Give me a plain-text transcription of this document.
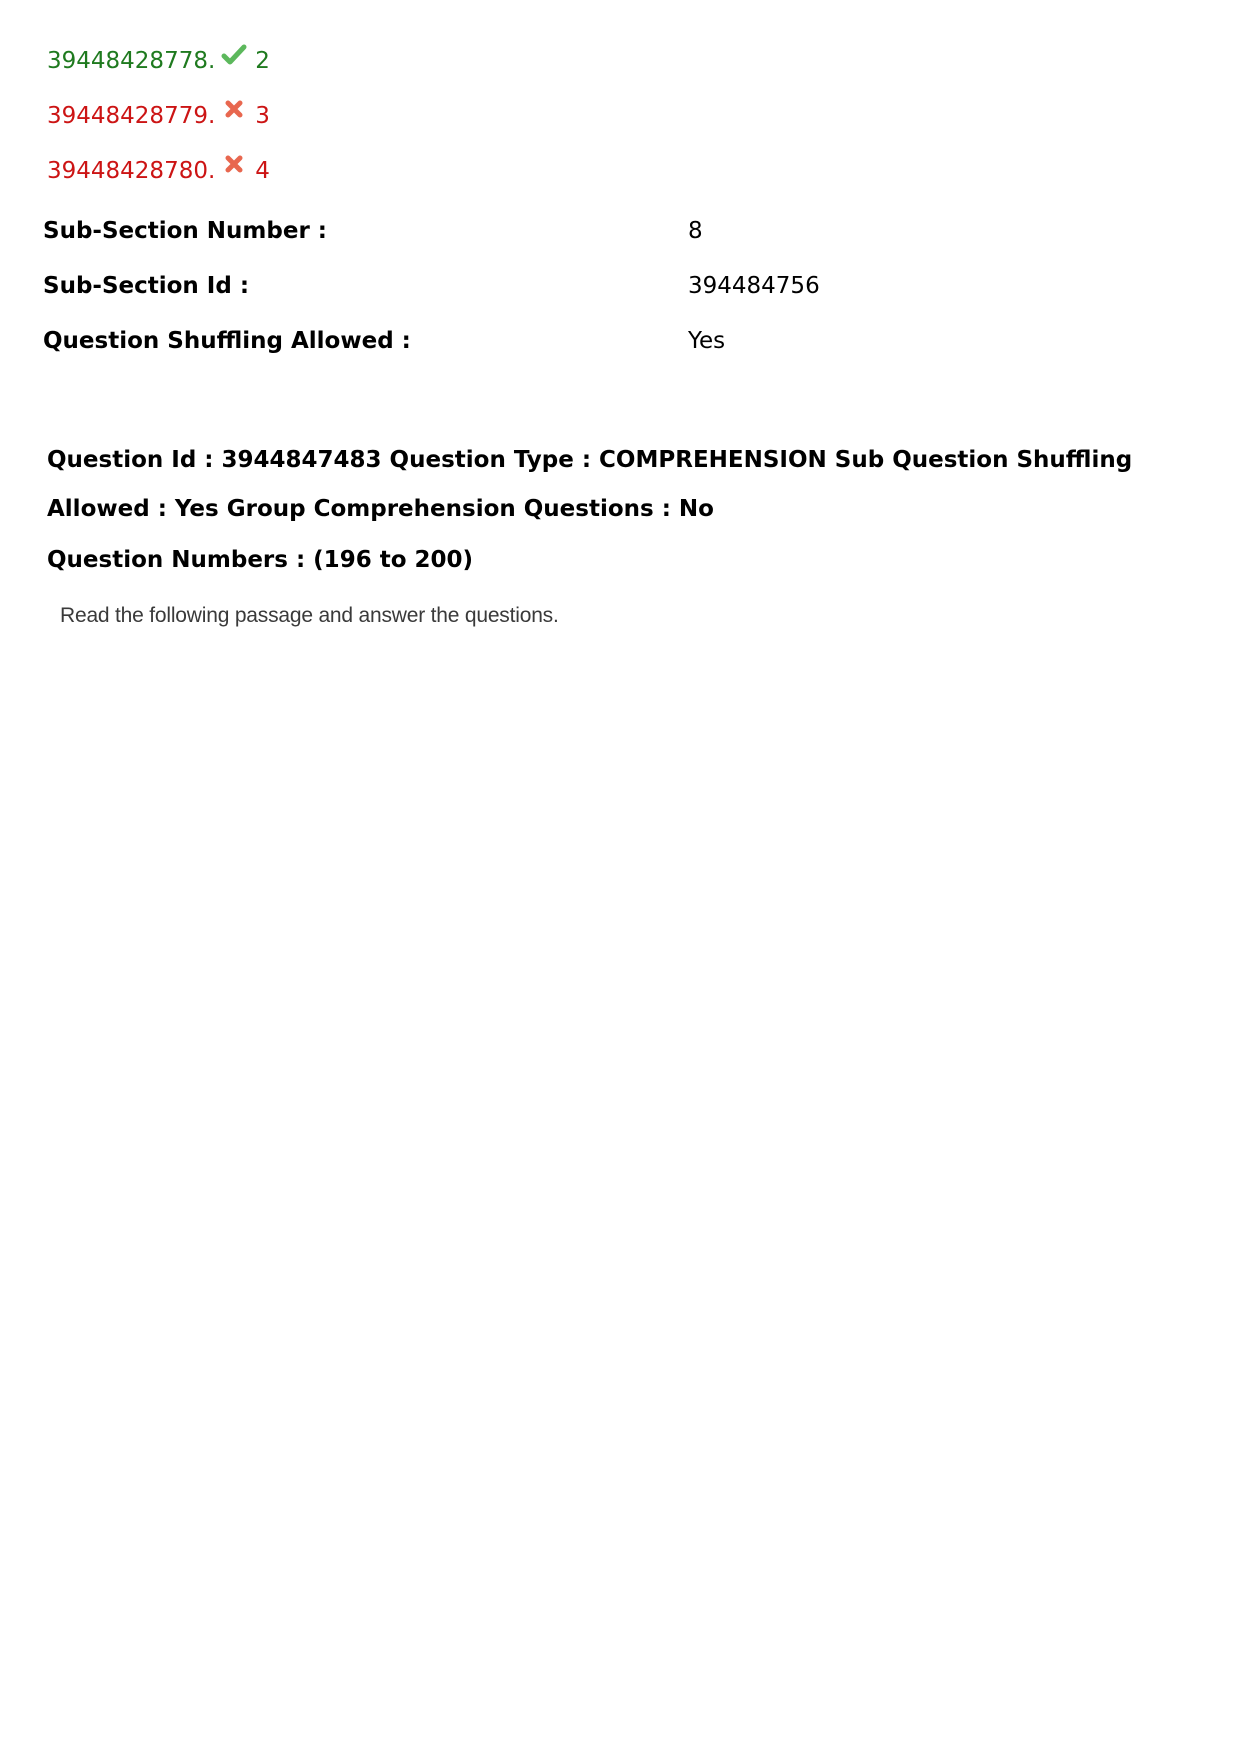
39448428778. 2
39448428779. 3
39448428780. 4
Sub-Section Number :	8
Sub-Section Id :	394484756
Question Shuffling Allowed :	Yes
Question Id : 3944847483 Question Type : COMPREHENSION Sub Question Shuffling Allowed : Yes Group Comprehension Questions : No
Question Numbers : (196 to 200)
Read the following passage and answer the questions.
